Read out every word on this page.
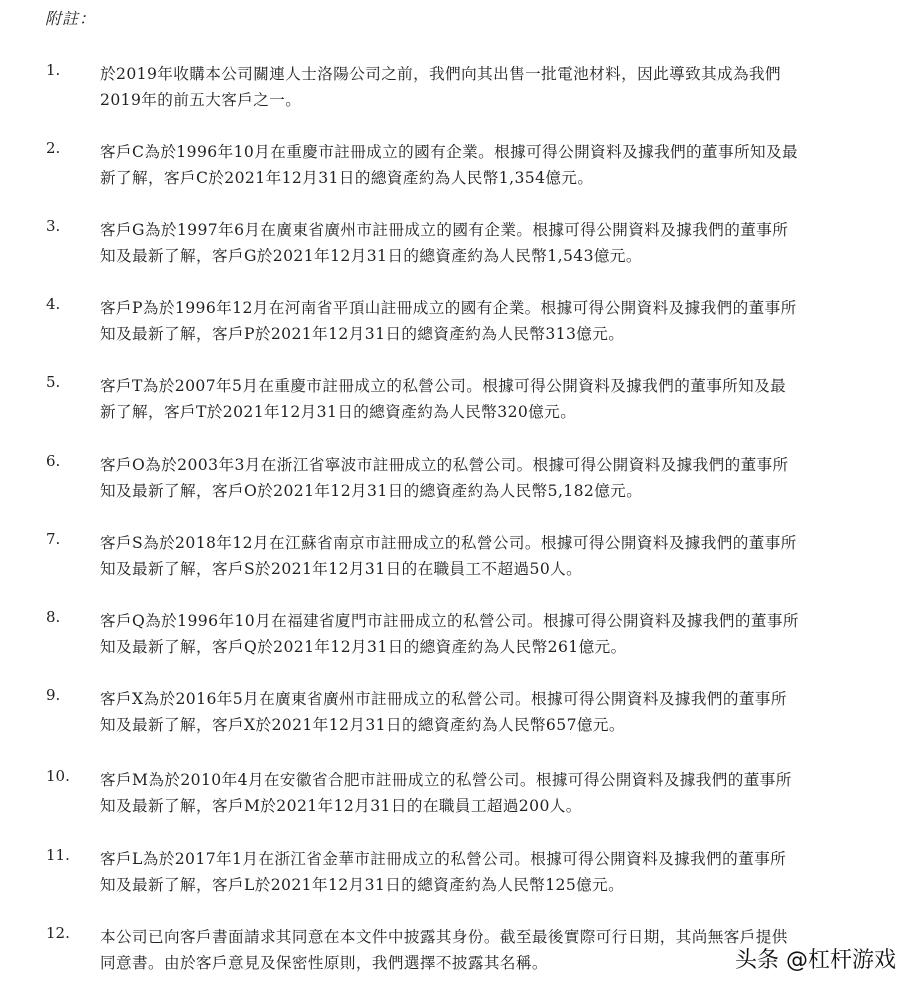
附註：
1.	於2019年收購本公司關連人士洛陽公司之前，我們向其出售一批電池材料，因此導致其成為我們
2019年的前五大客戶之一。
2.	客戶C為於1996年10月在重慶市註冊成立的國有企業。根據可得公開資料及據我們的董事所知及最
新了解，客戶C於2021年12月31日的總資產約為人民幣1,354億元。
3.	客戶G為於1997年6月在廣東省廣州市註冊成立的國有企業。根據可得公開資料及據我們的董事所
知及最新了解，客戶G於2021年12月31日的總資產約為人民幣1,543億元。
4.	客戶P為於1996年12月在河南省平頂山註冊成立的國有企業。根據可得公開資料及據我們的董事所
知及最新了解，客戶P於2021年12月31日的總資產約為人民幣313億元。
5.	客戶T為於2007年5月在重慶市註冊成立的私營公司。根據可得公開資料及據我們的董事所知及最
新了解，客戶T於2021年12月31日的總資產約為人民幣320億元。
6.	客戶O為於2003年3月在浙江省寧波市註冊成立的私營公司。根據可得公開資料及據我們的董事所
知及最新了解，客戶O於2021年12月31日的總資產約為人民幣5,182億元。
7.	客戶S為於2018年12月在江蘇省南京市註冊成立的私營公司。根據可得公開資料及據我們的董事所
知及最新了解，客戶S於2021年12月31日的在職員工不超過50人。
8.	客戶Q為於1996年10月在福建省廈門市註冊成立的私營公司。根據可得公開資料及據我們的董事所
知及最新了解，客戶Q於2021年12月31日的總資產約為人民幣261億元。
9.	客戶X為於2016年5月在廣東省廣州市註冊成立的私營公司。根據可得公開資料及據我們的董事所
知及最新了解，客戶X於2021年12月31日的總資產約為人民幣657億元。
10.	客戶M為於2010年4月在安徽省合肥市註冊成立的私營公司。根據可得公開資料及據我們的董事所
知及最新了解，客戶M於2021年12月31日的在職員工超過200人。
11.	客戶L為於2017年1月在浙江省金華市註冊成立的私營公司。根據可得公開資料及據我們的董事所
知及最新了解，客戶L於2021年12月31日的總資產約為人民幣125億元。
12.	本公司已向客戶書面請求其同意在本文件中披露其身份。截至最後實際可行日期，其尚無客戶提供
同意書。由於客戶意見及保密性原則，我們選擇不披露其名稱。	头条 @杠杆游戏
